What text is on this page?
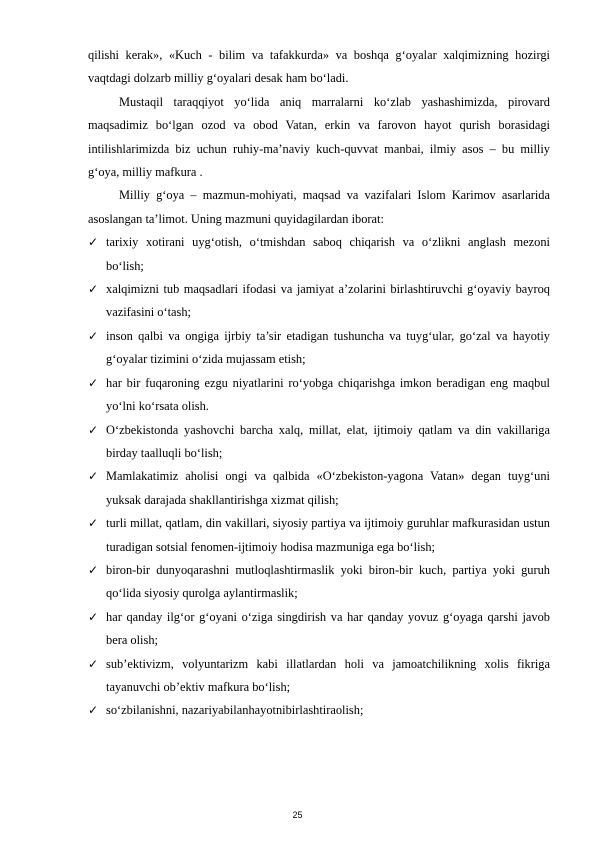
qilishi kerak», «Kuch - bilim va tafakkurda» va boshqa g‘oyalar xalqimizning hozirgi vaqtdagi dolzarb milliy g‘oyalari desak ham bo‘ladi.

Mustaqil taraqqiyot yo‘lida aniq marralarni ko‘zlab yashashimizda, pirovard maqsadimiz bo‘lgan ozod va obod Vatan, erkin va farovon hayot qurish borasidagi intilishlarimizda biz uchun ruhiy-ma’naviy kuch-quvvat manbai, ilmiy asos – bu milliy g‘oya, milliy mafkura .

Milliy g‘oya – mazmun-mohiyati, maqsad va vazifalari Islom Karimov asarlarida asoslangan ta’limot. Uning mazmuni quyidagilardan iborat:

✓ tarixiy xotirani uyg‘otish, o‘tmishdan saboq chiqarish va o‘zlikni anglash mezoni bo‘lish;
✓ xalqimizni tub maqsadlari ifodasi va jamiyat a’zolarini birlashtiruvchi g‘oyaviy bayroq vazifasini o‘tash;
✓ inson qalbi va ongiga ijrbiy ta’sir etadigan tushuncha va tuyg‘ular, go‘zal va hayotiy g‘oyalar tizimini o‘zida mujassam etish;
✓ har bir fuqaroning ezgu niyatlarini ro‘yobga chiqarishga imkon beradigan eng maqbul yo‘lni ko‘rsata olish.
✓ O‘zbekistonda yashovchi barcha xalq, millat, elat, ijtimoiy qatlam va din vakillariga birday taalluqli bo‘lish;
✓ Mamlakatimiz aholisi ongi va qalbida «O‘zbekiston-yagona Vatan» degan tuyg‘uni yuksak darajada shakllantirishga xizmat qilish;
✓ turli millat, qatlam, din vakillari, siyosiy partiya va ijtimoiy guruhlar mafkurasidan ustun turadigan sotsial fenomen-ijtimoiy hodisa mazmuniga ega bo‘lish;
✓ biron-bir dunyoqarashni mutloqlashtirmaslik yoki biron-bir kuch, partiya yoki guruh qo‘lida siyosiy qurolga aylantirmaslik;
✓ har qanday ilg‘or g‘oyani o‘ziga singdirish va har qanday yovuz g‘oyaga qarshi javob bera olish;
✓ sub’ektivizm, volyuntarizm kabi illatlardan holi va jamoatchilikning xolis fikriga tayanuvchi ob’ektiv mafkura bo‘lish;
✓ so‘zbilanishni, nazariyabilanhayotnibirlashtiraolish;
25
